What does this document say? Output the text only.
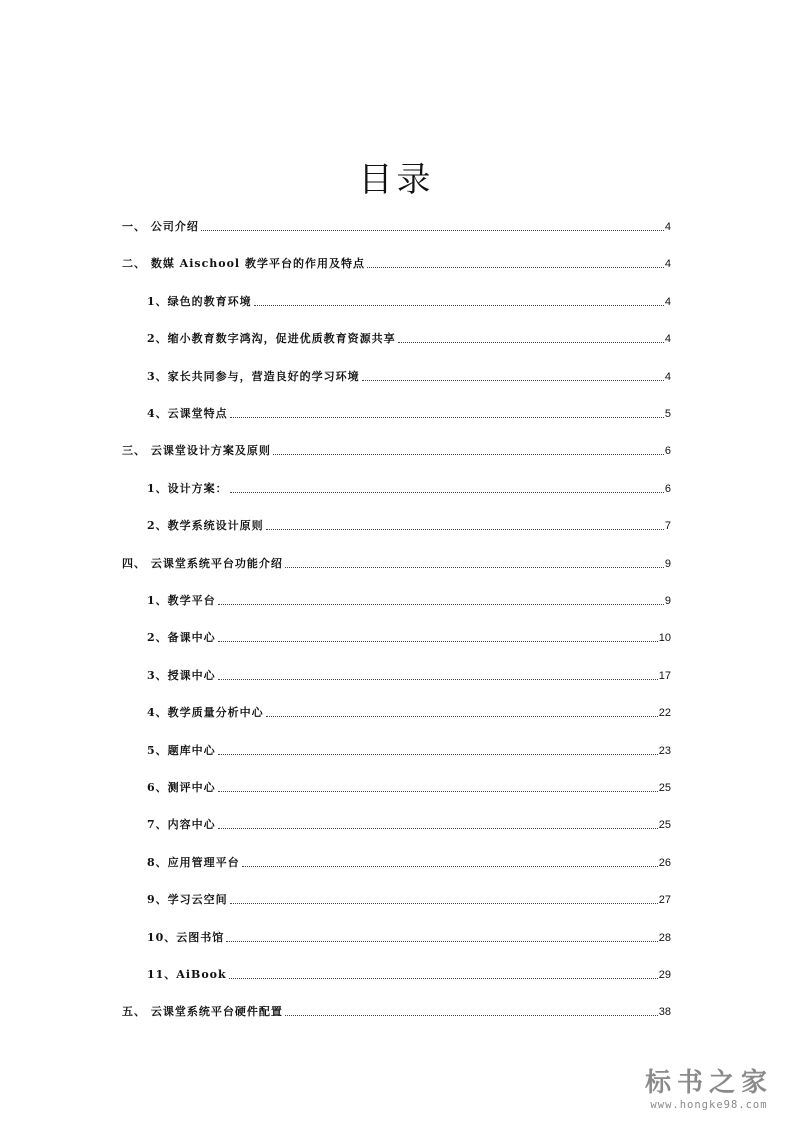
目录
一、 公司介绍	4
二、 数媒 Aischool 教学平台的作用及特点	4
1、绿色的教育环境	4
2、缩小教育数字鸿沟，促进优质教育资源共享	4
3、家长共同参与，营造良好的学习环境	4
4、云课堂特点	5
三、 云课堂设计方案及原则	6
1、设计方案：	6
2、教学系统设计原则	7
四、 云课堂系统平台功能介绍	9
1、教学平台	9
2、备课中心	10
3、授课中心	17
4、教学质量分析中心	22
5、题库中心	23
6、测评中心	25
7、内容中心	25
8、应用管理平台	26
9、学习云空间	27
10、云图书馆	28
11、AiBook	29
五、 云课堂系统平台硬件配置	38
标书之家
www.hongke98.com
